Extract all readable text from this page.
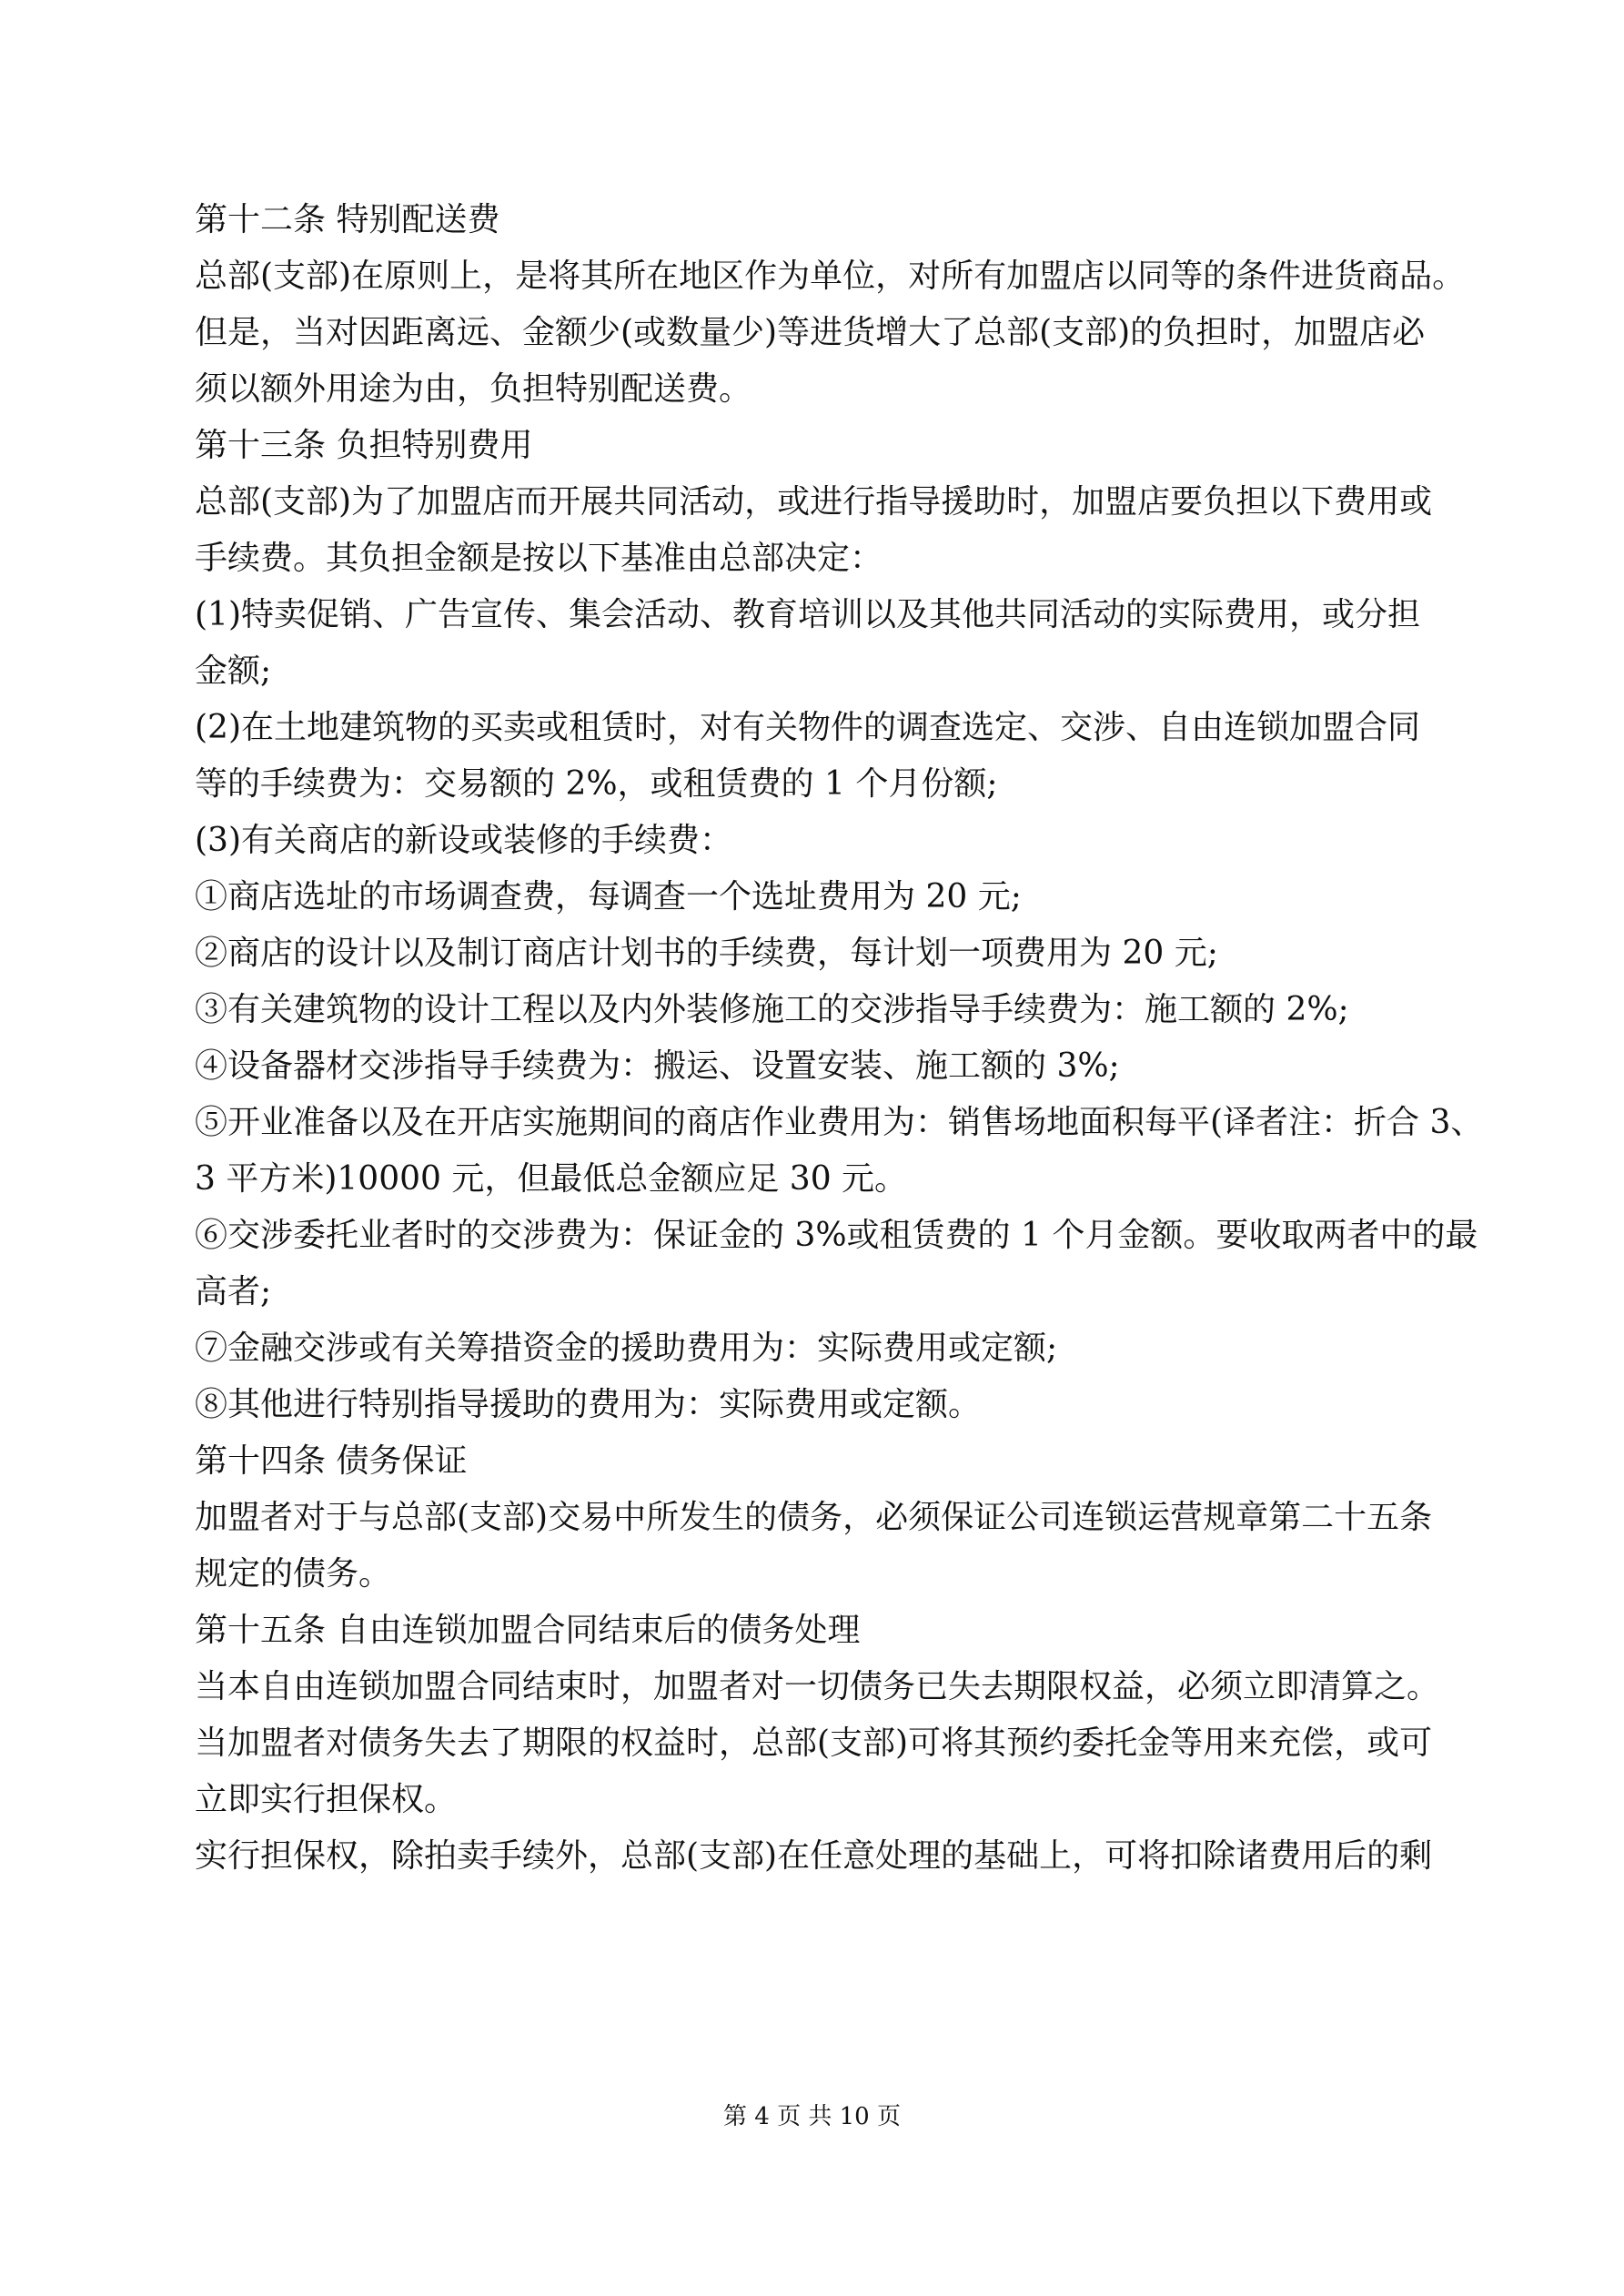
第十二条 特别配送费
总部(支部)在原则上，是将其所在地区作为单位，对所有加盟店以同等的条件进货商品。
但是，当对因距离远、金额少(或数量少)等进货增大了总部(支部)的负担时，加盟店必
须以额外用途为由，负担特别配送费。
第十三条 负担特别费用
总部(支部)为了加盟店而开展共同活动，或进行指导援助时，加盟店要负担以下费用或
手续费。其负担金额是按以下基准由总部决定：
(1)特卖促销、广告宣传、集会活动、教育培训以及其他共同活动的实际费用，或分担
金额;
(2)在土地建筑物的买卖或租赁时，对有关物件的调查选定、交涉、自由连锁加盟合同
等的手续费为：交易额的 2%，或租赁费的 1 个月份额;
(3)有关商店的新设或装修的手续费：
①商店选址的市场调查费，每调查一个选址费用为 20 元;
②商店的设计以及制订商店计划书的手续费，每计划一项费用为 20 元;
③有关建筑物的设计工程以及内外装修施工的交涉指导手续费为：施工额的 2%;
④设备器材交涉指导手续费为：搬运、设置安装、施工额的 3%;
⑤开业准备以及在开店实施期间的商店作业费用为：销售场地面积每平(译者注：折合 3、
3 平方米)10000 元，但最低总金额应足 30 元。
⑥交涉委托业者时的交涉费为：保证金的 3%或租赁费的 1 个月金额。要收取两者中的最
高者;
⑦金融交涉或有关筹措资金的援助费用为：实际费用或定额;
⑧其他进行特别指导援助的费用为：实际费用或定额。
第十四条 债务保证
加盟者对于与总部(支部)交易中所发生的债务，必须保证公司连锁运营规章第二十五条
规定的债务。
第十五条 自由连锁加盟合同结束后的债务处理
当本自由连锁加盟合同结束时，加盟者对一切债务已失去期限权益，必须立即清算之。
当加盟者对债务失去了期限的权益时，总部(支部)可将其预约委托金等用来充偿，或可
立即实行担保权。
实行担保权，除拍卖手续外，总部(支部)在任意处理的基础上，可将扣除诸费用后的剩
第 4 页 共 10 页
